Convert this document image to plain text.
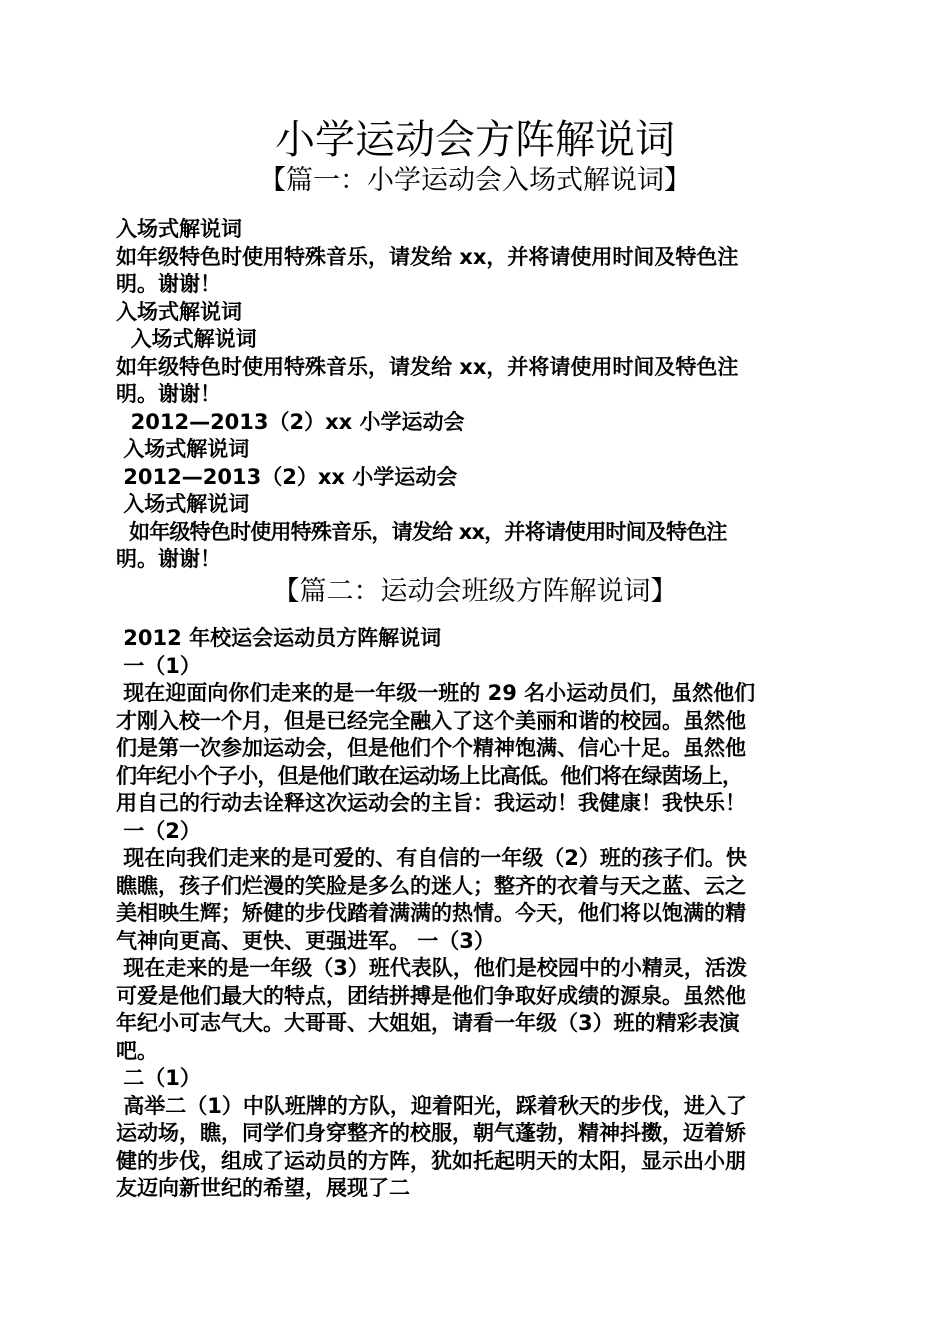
小学运动会方阵解说词
【篇一：小学运动会入场式解说词】
入场式解说词
如年级特色时使用特殊音乐，请发给 xx，并将请使用时间及特色注
明。谢谢！
入场式解说词
入场式解说词
如年级特色时使用特殊音乐，请发给 xx，并将请使用时间及特色注
明。谢谢！
2012—2013（2）xx 小学运动会
入场式解说词
2012—2013（2）xx 小学运动会
入场式解说词
如年级特色时使用特殊音乐，请发给 xx，并将请使用时间及特色注
明。谢谢！
【篇二：运动会班级方阵解说词】
2012 年校运会运动员方阵解说词
一（1）
现在迎面向你们走来的是一年级一班的 29 名小运动员们，虽然他们
才刚入校一个月，但是已经完全融入了这个美丽和谐的校园。虽然他
们是第一次参加运动会，但是他们个个精神饱满、信心十足。虽然他
们年纪小个子小，但是他们敢在运动场上比高低。他们将在绿茵场上，
用自己的行动去诠释这次运动会的主旨：我运动！我健康！我快乐！
一（2）
现在向我们走来的是可爱的、有自信的一年级（2）班的孩子们。快
瞧瞧，孩子们烂漫的笑脸是多么的迷人；整齐的衣着与天之蓝、云之
美相映生辉；矫健的步伐踏着满满的热情。今天，他们将以饱满的精
气神向更高、更快、更强进军。 一（3）
现在走来的是一年级（3）班代表队，他们是校园中的小精灵，活泼
可爱是他们最大的特点，团结拼搏是他们争取好成绩的源泉。虽然他
年纪小可志气大。大哥哥、大姐姐，请看一年级（3）班的精彩表演
吧。
二（1）
高举二（1）中队班牌的方队，迎着阳光，踩着秋天的步伐，进入了
运动场，瞧，同学们身穿整齐的校服，朝气蓬勃，精神抖擞，迈着矫
健的步伐，组成了运动员的方阵，犹如托起明天的太阳，显示出小朋
友迈向新世纪的希望，展现了二
